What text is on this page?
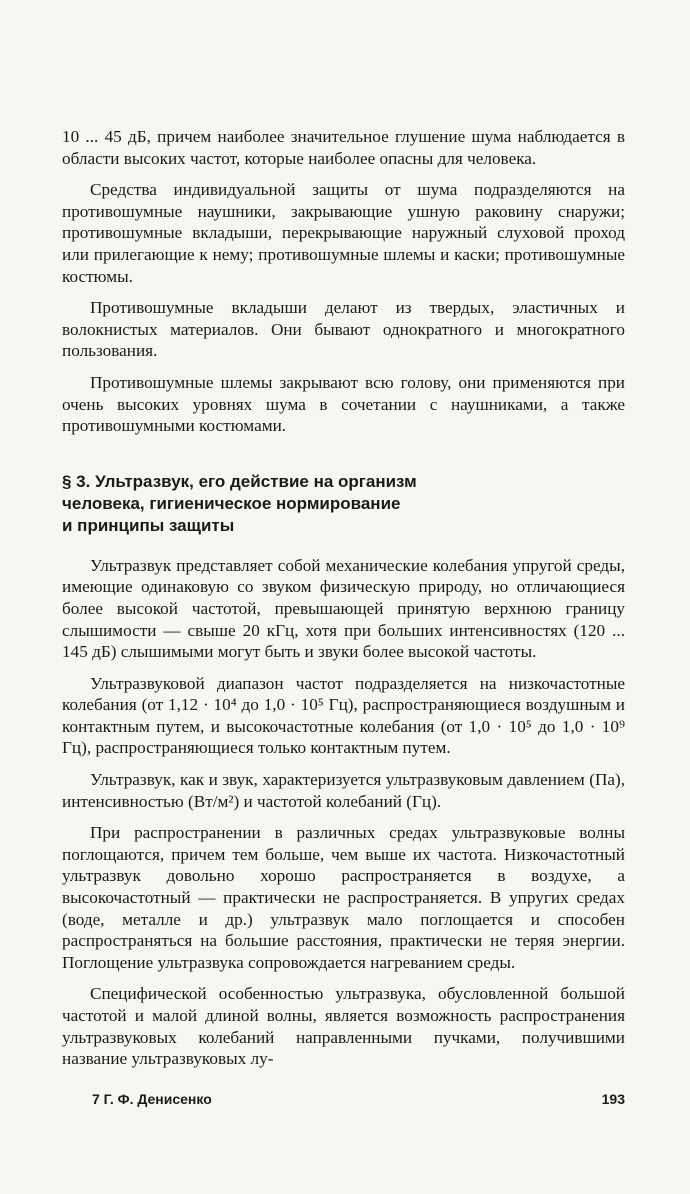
10 ... 45 дБ, причем наиболее значительное глушение шума наблюдается в области высоких частот, которые наиболее опасны для человека.

Средства индивидуальной защиты от шума подразделяются на противошумные наушники, закрывающие ушную раковину снаружи; противошумные вкладыши, перекрывающие наружный слуховой проход или прилегающие к нему; противошумные шлемы и каски; противошумные костюмы.

Противошумные вкладыши делают из твердых, эластичных и волокнистых материалов. Они бывают однократного и многократного пользования.

Противошумные шлемы закрывают всю голову, они применяются при очень высоких уровнях шума в сочетании с наушниками, а также противошумными костюмами.

§ 3. Ультразвук, его действие на организм
человека, гигиеническое нормирование
и принципы защиты

Ультразвук представляет собой механические колебания упругой среды, имеющие одинаковую со звуком физическую природу, но отличающиеся более высокой частотой, превышающей принятую верхнюю границу слышимости — свыше 20 кГц, хотя при больших интенсивностях (120 ... 145 дБ) слышимыми могут быть и звуки более высокой частоты.

Ультразвуковой диапазон частот подразделяется на низкочастотные колебания (от 1,12 · 10⁴ до 1,0 · 10⁵ Гц), распространяющиеся воздушным и контактным путем, и высокочастотные колебания (от 1,0 · 10⁵ до 1,0 · 10⁹ Гц), распространяющиеся только контактным путем.

Ультразвук, как и звук, характеризуется ультразвуковым давлением (Па), интенсивностью (Вт/м²) и частотой колебаний (Гц).

При распространении в различных средах ультразвуковые волны поглощаются, причем тем больше, чем выше их частота. Низкочастотный ультразвук довольно хорошо распространяется в воздухе, а высокочастотный — практически не распространяется. В упругих средах (воде, металле и др.) ультразвук мало поглощается и способен распространяться на большие расстояния, практически не теряя энергии. Поглощение ультразвука сопровождается нагреванием среды.

Специфической особенностью ультразвука, обусловленной большой частотой и малой длиной волны, является возможность распространения ультразвуковых колебаний направленными пучками, получившими название ультразвуковых лу-

7 Г. Ф. Денисенко	193
